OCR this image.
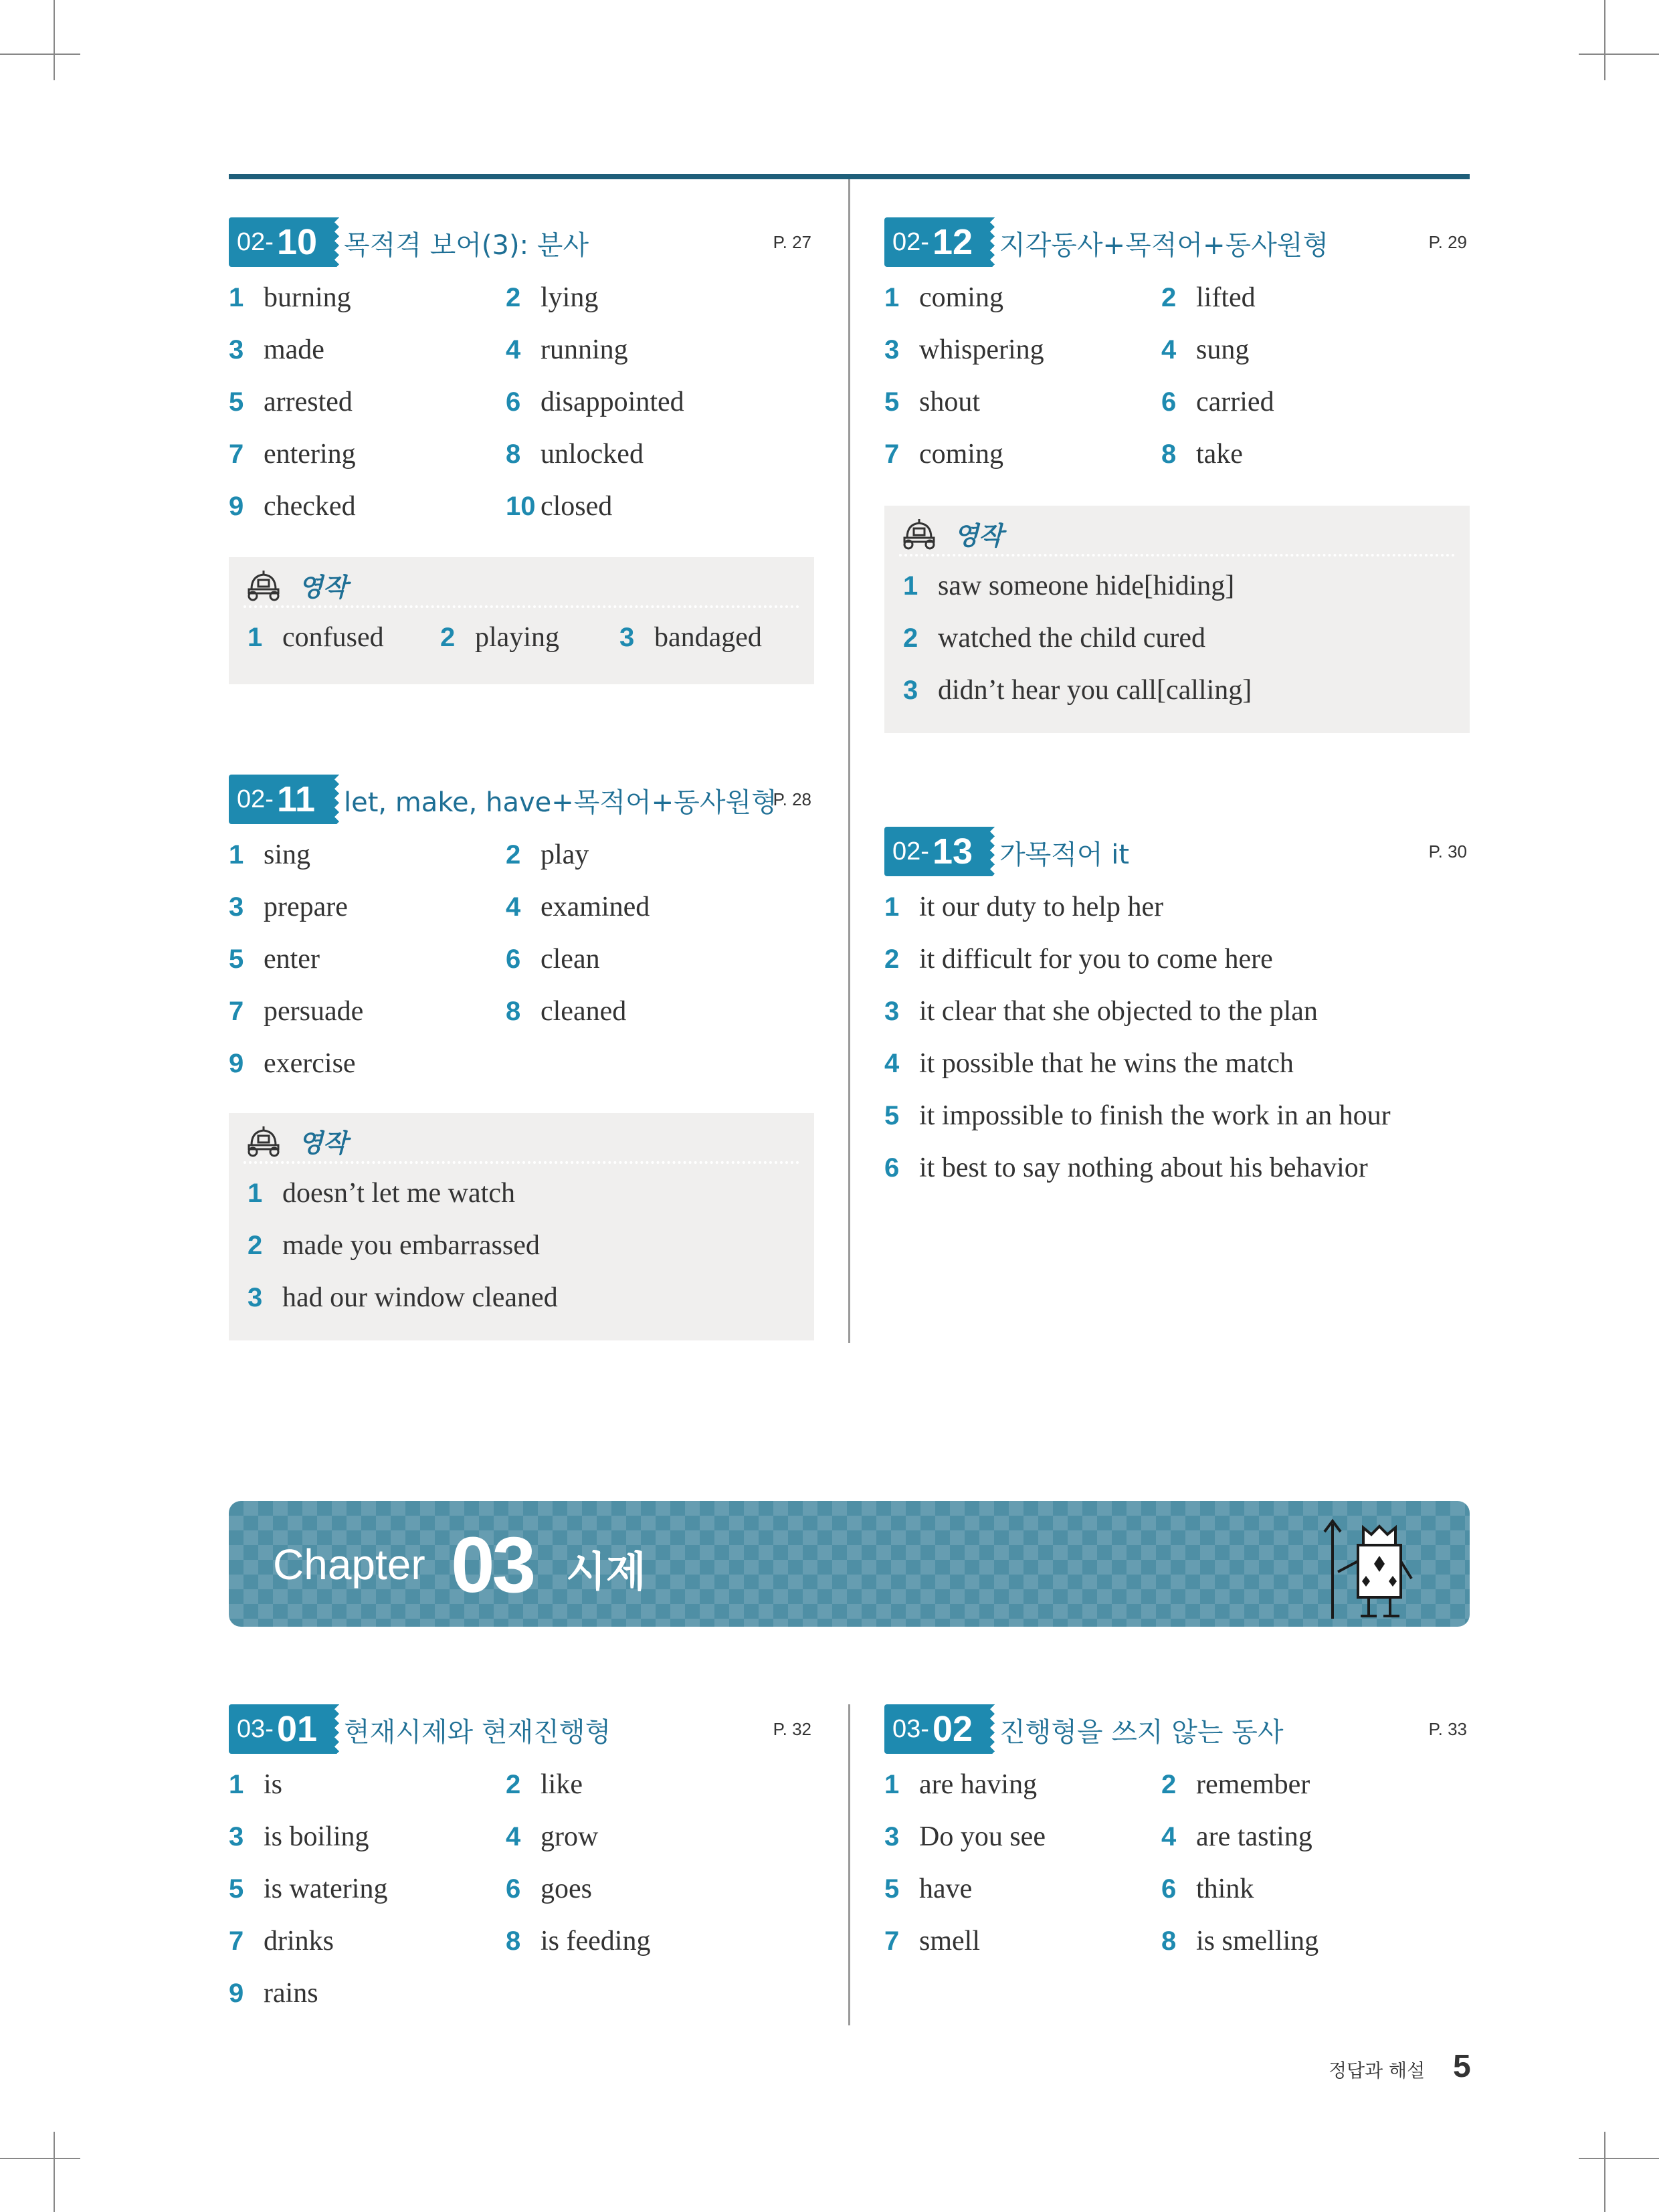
02- 10 목적격 보어(3): 분사	P. 27
1 burning	2 lying
3 made	4 running
5 arrested	6 disappointed
7 entering	8 unlocked
9 checked	10 closed
영작
1 confused 2 playing 3 bandaged
02- 11 let, make, have+목적어+동사원형
P. 28
1 sing	2 play
3 prepare	4 examined
5 enter	6 clean
7 persuade	8 cleaned
9 exercise
영작
1 doesn’t let me watch
2 made you embarrassed
3 had our window cleaned
02- 12 지각동사+목적어+동사원형	P. 29
1 coming	2 lifted
3 whispering	4 sung
5 shout	6 carried
7 coming	8 take
영작
1 saw someone hide[hiding]
2 watched the child cured
3 didn’t hear you call[calling]
02- 13 가목적어 it	P. 30
1 it our duty to help her
2 it difficult for you to come here
3 it clear that she objected to the plan
4 it possible that he wins the match
5 it impossible to finish the work in an hour
6 it best to say nothing about his behavior
Chapter 03 시제
03- 01 현재시제와 현재진행형	P. 32
1 is	2 like
3 is boiling	4 grow
5 is watering	6 goes
7 drinks	8 is feeding
9 rains
03- 02 진행형을 쓰지 않는 동사	P. 33
1 are having	2 remember
3 Do you see	4 are tasting
5 have	6 think
7 smell	8 is smelling
정답과 해설 5
